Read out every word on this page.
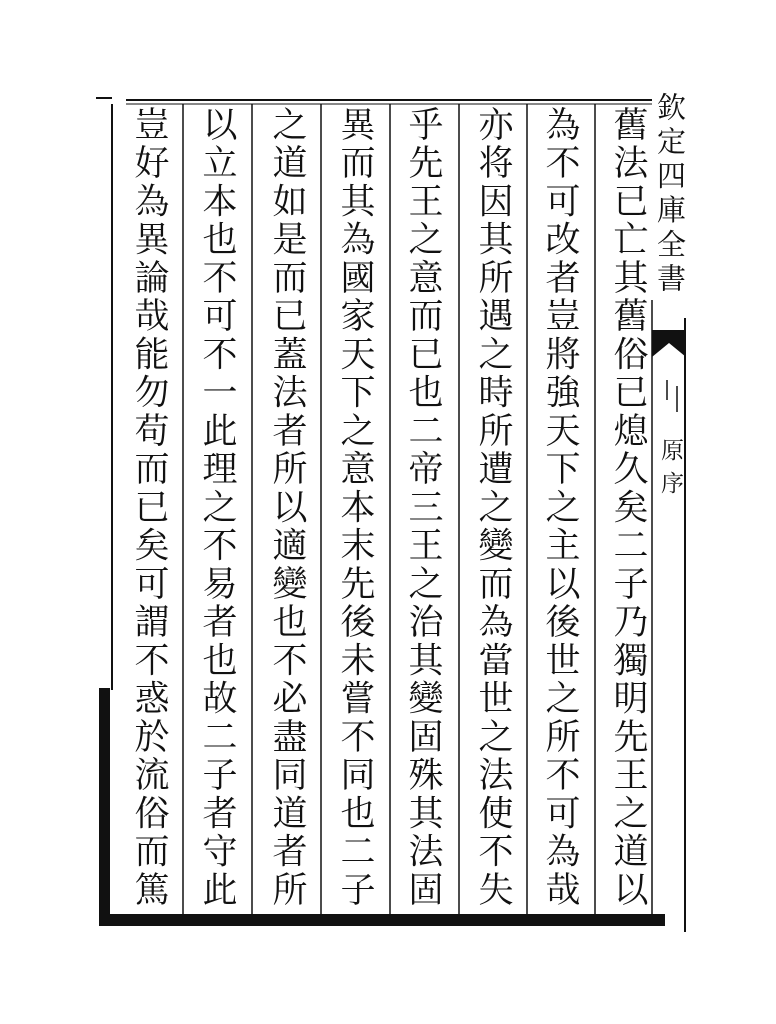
欽定四庫全書
原序
舊法已亡其舊俗已熄久矣二子乃獨明先王之道以
為不可改者豈將強天下之主以後世之所不可為哉
亦将因其所遇之時所遭之變而為當世之法使不失
乎先王之意而已也二帝三王之治其變固殊其法固
異而其為國家天下之意本末先後未嘗不同也二子
之道如是而已蓋法者所以適變也不必盡同道者所
以立本也不可不一此理之不易者也故二子者守此
豈好為異論哉能勿苟而已矣可謂不惑於流俗而篤
